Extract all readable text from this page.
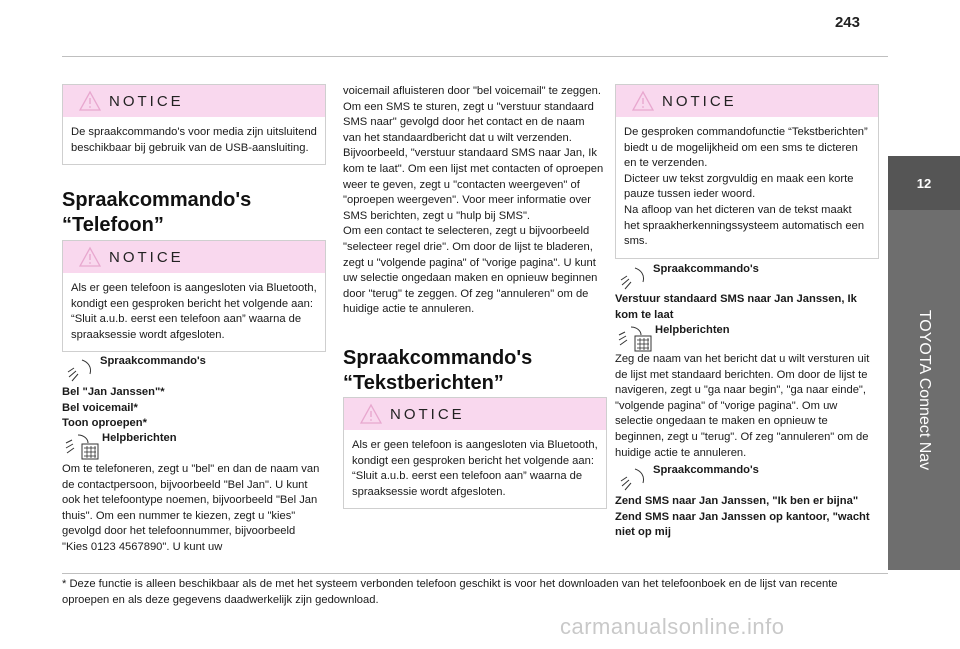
243
12
TOYOTA Connect Nav
NOTICE
De spraakcommando's voor media zijn uitsluitend beschikbaar bij gebruik van de USB-aansluiting.
Spraakcommando's
“Telefoon”
NOTICE
Als er geen telefoon is aangesloten via Bluetooth, kondigt een gesproken bericht het volgende aan: “Sluit a.u.b. eerst een telefoon aan” waarna de spraaksessie wordt afgesloten.
Spraakcommando's
Bel "Jan Janssen"*
Bel voicemail*
Toon oproepen*
Helpberichten
Om te telefoneren, zegt u "bel" en dan de naam van de contactpersoon, bijvoorbeeld "Bel Jan". U kunt ook het telefoontype noemen, bijvoorbeeld "Bel Jan thuis". Om een nummer te kiezen, zegt u "kies" gevolgd door het telefoonnummer, bijvoorbeeld "Kies 0123 4567890". U kunt uw
voicemail afluisteren door "bel voicemail" te zeggen. Om een SMS te sturen, zegt u "verstuur standaard SMS naar" gevolgd door het contact en de naam van het standaardbericht dat u wilt verzenden. Bijvoorbeeld, "verstuur standaard SMS naar Jan, Ik kom te laat". Om een lijst met contacten of oproepen weer te geven, zegt u "contacten weergeven" of "oproepen weergeven". Voor meer informatie over SMS berichten, zegt u "hulp bij SMS".
Om een contact te selecteren, zegt u bijvoorbeeld "selecteer regel drie". Om door de lijst te bladeren, zegt u "volgende pagina" of "vorige pagina". U kunt uw selectie ongedaan maken en opnieuw beginnen door "terug" te zeggen. Of zeg "annuleren" om de huidige actie te annuleren.
Spraakcommando's
“Tekstberichten”
NOTICE
Als er geen telefoon is aangesloten via Bluetooth, kondigt een gesproken bericht het volgende aan: “Sluit a.u.b. eerst een telefoon aan” waarna de spraaksessie wordt afgesloten.
NOTICE
De gesproken commandofunctie “Tekstberichten” biedt u de mogelijkheid om een sms te dicteren en te verzenden.
Dicteer uw tekst zorgvuldig en maak een korte pauze tussen ieder woord.
Na afloop van het dicteren van de tekst maakt het spraakherkenningssysteem automatisch een sms.
Spraakcommando's
Verstuur standaard SMS naar Jan Janssen, Ik kom te laat
Helpberichten
Zeg de naam van het bericht dat u wilt versturen uit de lijst met standaard berichten. Om door de lijst te navigeren, zegt u "ga naar begin", "ga naar einde", "volgende pagina" of "vorige pagina". Om uw selectie ongedaan te maken en opnieuw te beginnen, zegt u "terug". Of zeg "annuleren" om de huidige actie te annuleren.
Spraakcommando's
Zend SMS naar Jan Janssen, "Ik ben er bijna"
Zend SMS naar Jan Janssen op kantoor, "wacht niet op mij
* Deze functie is alleen beschikbaar als de met het systeem verbonden telefoon geschikt is voor het downloaden van het telefoonboek en de lijst van recente oproepen en als deze gegevens daadwerkelijk zijn gedownload.
carmanualsonline.info
